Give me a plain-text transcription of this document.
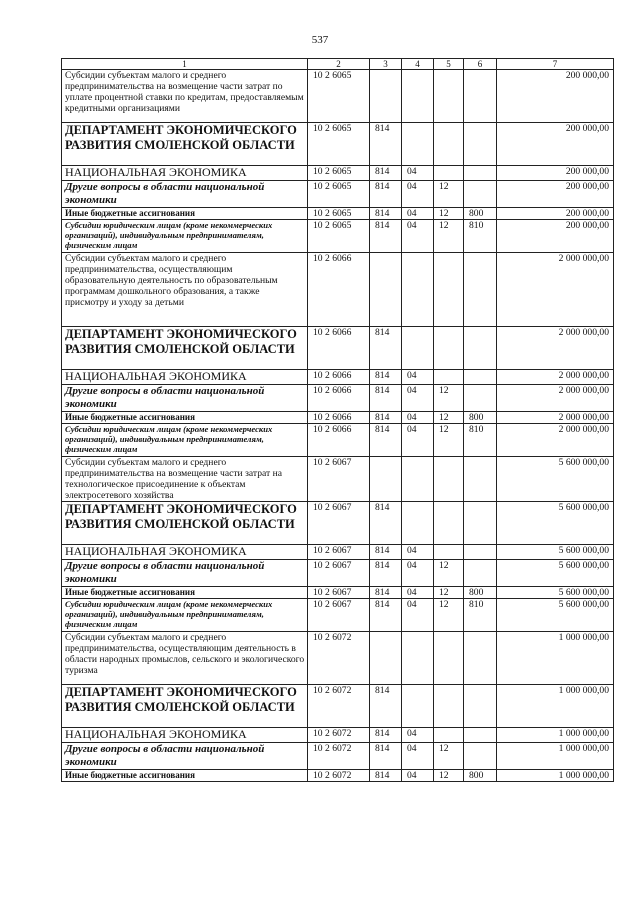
537
1	2	3	4	5	6	7
Субсидии субъектам малого и среднего предпринимательства на возмещение части затрат по уплате процентной ставки по кредитам, предоставляемым кредитными организациями	10 2 6065					200 000,00
ДЕПАРТАМЕНТ ЭКОНОМИЧЕСКОГО РАЗВИТИЯ СМОЛЕНСКОЙ ОБЛАСТИ	10 2 6065	814				200 000,00
НАЦИОНАЛЬНАЯ ЭКОНОМИКА	10 2 6065	814	04			200 000,00
Другие вопросы в области национальной экономики	10 2 6065	814	04	12		200 000,00
Иные бюджетные ассигнования	10 2 6065	814	04	12	800	200 000,00
Субсидии юридическим лицам (кроме некоммерческих организаций), индивидуальным предпринимателям, физическим лицам	10 2 6065	814	04	12	810	200 000,00
Субсидии субъектам малого и среднего предпринимательства, осуществляющим образовательную деятельность по образовательным программам дошкольного образования, а также присмотру и уходу за детьми	10 2 6066					2 000 000,00
ДЕПАРТАМЕНТ ЭКОНОМИЧЕСКОГО РАЗВИТИЯ СМОЛЕНСКОЙ ОБЛАСТИ	10 2 6066	814				2 000 000,00
НАЦИОНАЛЬНАЯ ЭКОНОМИКА	10 2 6066	814	04			2 000 000,00
Другие вопросы в области национальной экономики	10 2 6066	814	04	12		2 000 000,00
Иные бюджетные ассигнования	10 2 6066	814	04	12	800	2 000 000,00
Субсидии юридическим лицам (кроме некоммерческих организаций), индивидуальным предпринимателям, физическим лицам	10 2 6066	814	04	12	810	2 000 000,00
Субсидии субъектам малого и среднего предпринимательства на возмещение части затрат на технологическое присоединение к объектам электросетевого хозяйства	10 2 6067					5 600 000,00
ДЕПАРТАМЕНТ ЭКОНОМИЧЕСКОГО РАЗВИТИЯ СМОЛЕНСКОЙ ОБЛАСТИ	10 2 6067	814				5 600 000,00
НАЦИОНАЛЬНАЯ ЭКОНОМИКА	10 2 6067	814	04			5 600 000,00
Другие вопросы в области национальной экономики	10 2 6067	814	04	12		5 600 000,00
Иные бюджетные ассигнования	10 2 6067	814	04	12	800	5 600 000,00
Субсидии юридическим лицам (кроме некоммерческих организаций), индивидуальным предпринимателям, физическим лицам	10 2 6067	814	04	12	810	5 600 000,00
Субсидии субъектам малого и среднего предпринимательства, осуществляющим деятельность в области народных промыслов, сельского и экологического туризма	10 2 6072					1 000 000,00
ДЕПАРТАМЕНТ ЭКОНОМИЧЕСКОГО РАЗВИТИЯ СМОЛЕНСКОЙ ОБЛАСТИ	10 2 6072	814				1 000 000,00
НАЦИОНАЛЬНАЯ ЭКОНОМИКА	10 2 6072	814	04			1 000 000,00
Другие вопросы в области национальной экономики	10 2 6072	814	04	12		1 000 000,00
Иные бюджетные ассигнования	10 2 6072	814	04	12	800	1 000 000,00
